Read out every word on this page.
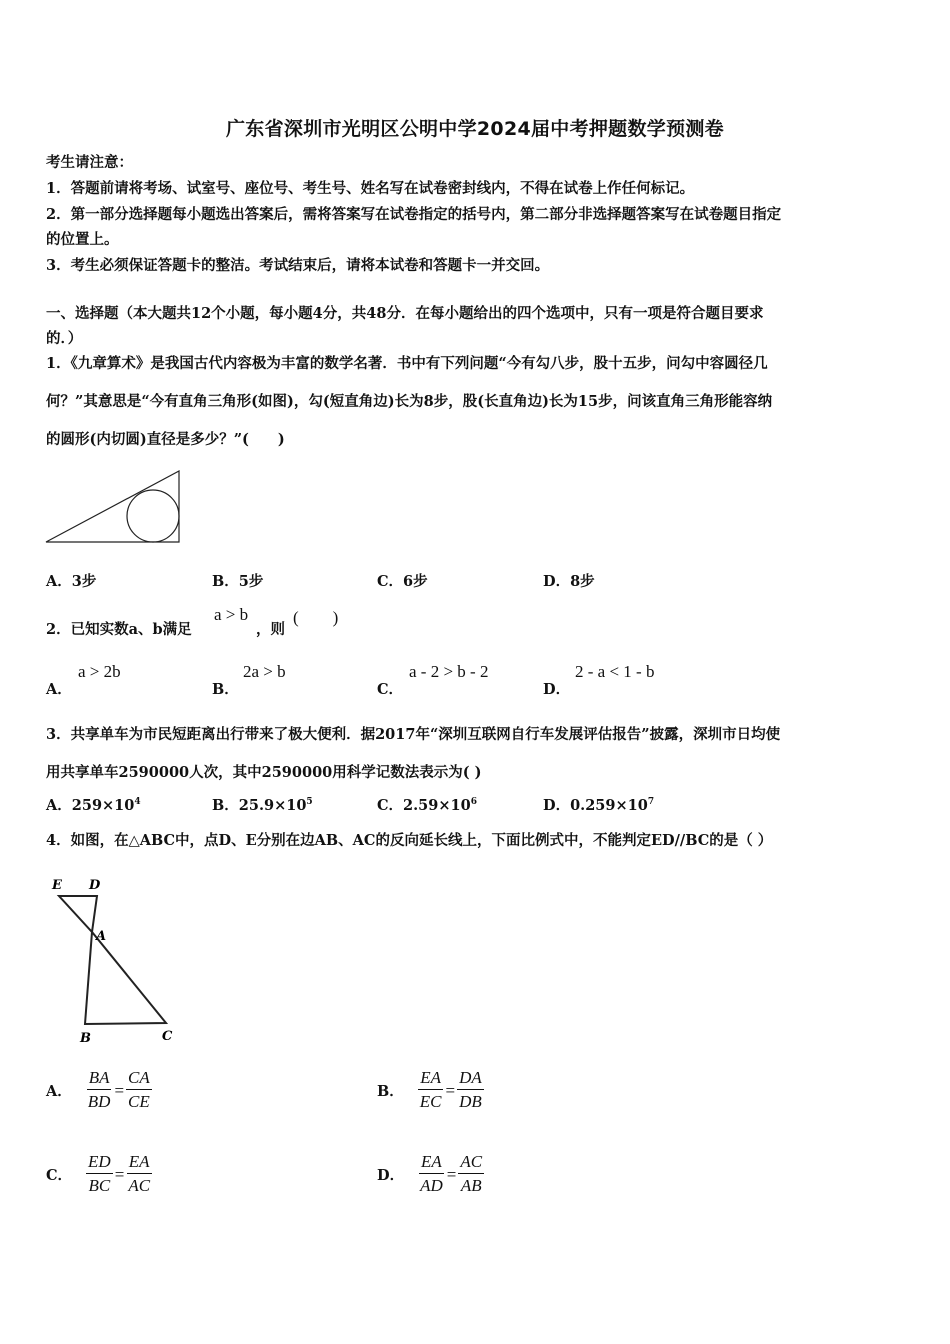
广东省深圳市光明区公明中学2024届中考押题数学预测卷
考生请注意：
1．答题前请将考场、试室号、座位号、考生号、姓名写在试卷密封线内，不得在试卷上作任何标记。
2．第一部分选择题每小题选出答案后，需将答案写在试卷指定的括号内，第二部分非选择题答案写在试卷题目指定
的位置上。
3．考生必须保证答题卡的整洁。考试结束后，请将本试卷和答题卡一并交回。
一、选择题（本大题共12个小题，每小题4分，共48分．在每小题给出的四个选项中，只有一项是符合题目要求
的．）
1．《九章算术》是我国古代内容极为丰富的数学名著．书中有下列问题“今有勾八步，股十五步，问勾中容圆径几
何？”其意思是“今有直角三角形(如图)，勾(短直角边)长为8步，股(长直角边)长为15步，问该直角三角形能容纳
的圆形(内切圆)直径是多少？”(　　)
A．3步	B．5步	C．6步	D．8步
2．已知实数a、b满足
a > b
，则
(　　)
A．
a > 2b
B．
2a > b
C．
a - 2 > b - 2
D．
2 - a < 1 - b
3．共享单车为市民短距离出行带来了极大便利．据2017年“深圳互联网自行车发展评估报告”披露，深圳市日均使
用共享单车2590000人次，其中2590000用科学记数法表示为( )
A．$259\times 10^4$	B．$25.9\times 10^5$	C．$2.59\times 10^6$	D．$0.259\times 10^7$
4．如图，在△ABC中，点D、E分别在边AB、AC的反向延长线上，下面比例式中，不能判定ED//BC的是（ ）
E D
A
B	C
A． $\frac{BA}{BD} = \frac{CA}{CE}$	B． $\frac{EA}{EC} = \frac{DA}{DB}$
C． $\frac{ED}{BC} = \frac{EA}{AC}$	D． $\frac{EA}{AD} = \frac{AC}{AB}$
